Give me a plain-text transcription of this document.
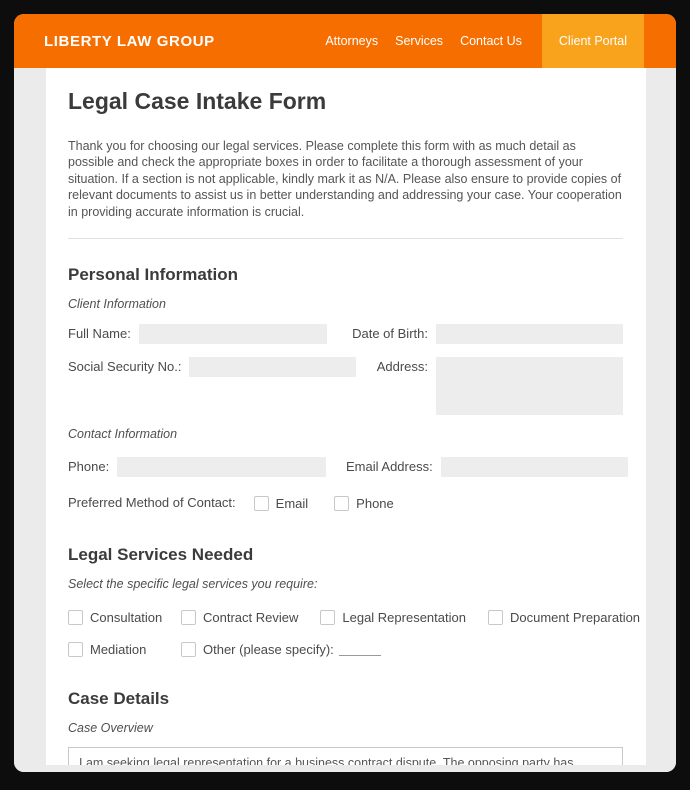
LIBERTY LAW GROUP	Attorneys Services Contact Us	Client Portal
Legal Case Intake Form

Thank you for choosing our legal services. Please complete this form with as much detail as possible and check the appropriate boxes in order to facilitate a thorough assessment of your situation. If a section is not applicable, kindly mark it as N/A. Please also ensure to provide copies of relevant documents to assist us in better understanding and addressing your case. Your cooperation in providing accurate information is crucial.

Personal Information
Client Information
Full Name:	Date of Birth:
Social Security No.:	Address:
Contact Information
Phone:	Email Address:
Preferred Method of Contact:	Email	Phone
Legal Services Needed
Select the specific legal services you require:
Consultation	Contract Review	Legal Representation	Document Preparation
Mediation	Other (please specify):
Case Details
Case Overview
I am seeking legal representation for a business contract dispute. The opposing party has breached the terms, leading to financial losses for my business.
